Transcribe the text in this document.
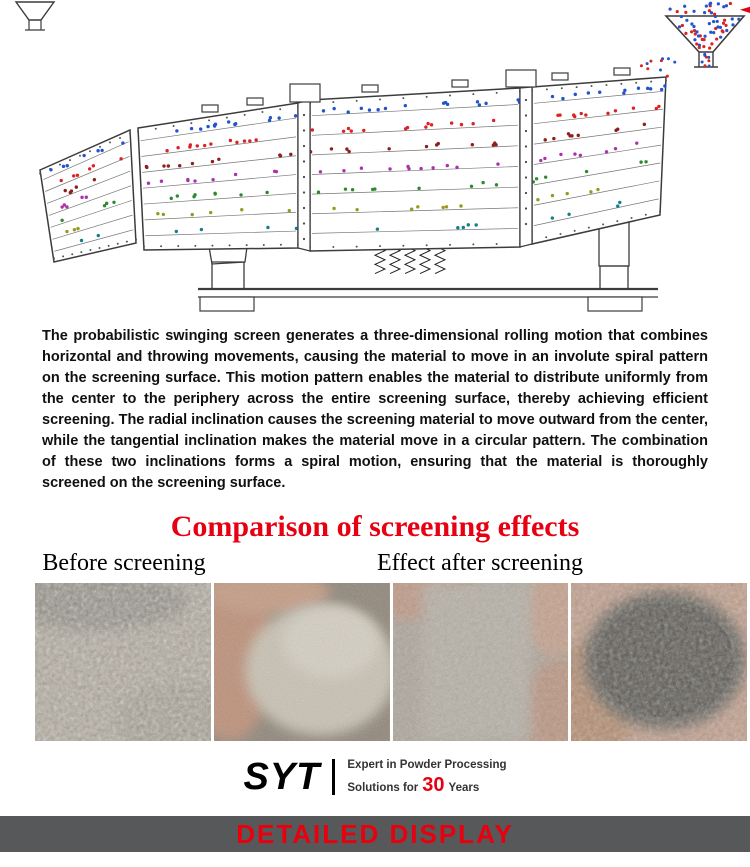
The probabilistic swinging screen generates a three-dimensional rolling motion that combines horizontal and throwing movements, causing the material to move in an involute spiral pattern on the screening surface. This motion pattern enables the material to distribute uniformly from the center to the periphery across the entire screening surface, thereby achieving efficient screening. The radial inclination causes the screening material to move outward from the center, while the tangential inclination makes the material move in a circular pattern. The combination of these two inclinations forms a spiral motion, ensuring that the material is thoroughly screened on the screening surface.

Comparison of screening effects
Before screening	Effect after screening
SYT Expert in Powder Processing
Solutions for 30 Years
DETAILED DISPLAY
